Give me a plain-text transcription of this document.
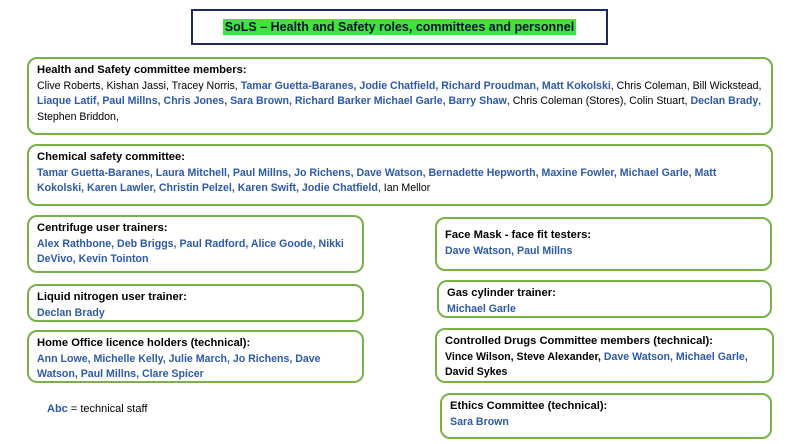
SoLS – Health and Safety roles, committees and personnel
Health and Safety committee members:
Clive Roberts, Kishan Jassi, Tracey Norris, Tamar Guetta-Baranes, Jodie Chatfield, Richard Proudman, Matt Kokolski, Chris Coleman, Bill Wickstead, Liaque Latif, Paul Millns, Chris Jones, Sara Brown, Richard Barker Michael Garle, Barry Shaw, Chris Coleman (Stores), Colin Stuart, Declan Brady, Stephen Briddon,
Chemical safety committee:
Tamar Guetta-Baranes, Laura Mitchell, Paul Millns, Jo Richens, Dave Watson, Bernadette Hepworth, Maxine Fowler, Michael Garle, Matt Kokolski, Karen Lawler, Christin Pelzel, Karen Swift, Jodie Chatfield, Ian Mellor
Centrifuge user trainers:
Alex Rathbone, Deb Briggs, Paul Radford, Alice Goode, Nikki DeVivo, Kevin Tointon
Face Mask - face fit testers:
Dave Watson, Paul Millns
Liquid nitrogen user trainer:
Declan Brady
Gas cylinder trainer:
Michael Garle
Home Office licence holders (technical):
Ann Lowe, Michelle Kelly, Julie March, Jo Richens, Dave Watson, Paul Millns, Clare Spicer
Controlled Drugs Committee members (technical):
Vince Wilson, Steve Alexander, Dave Watson, Michael Garle, David Sykes
Ethics Committee (technical):
Sara Brown
Abc = technical staff
